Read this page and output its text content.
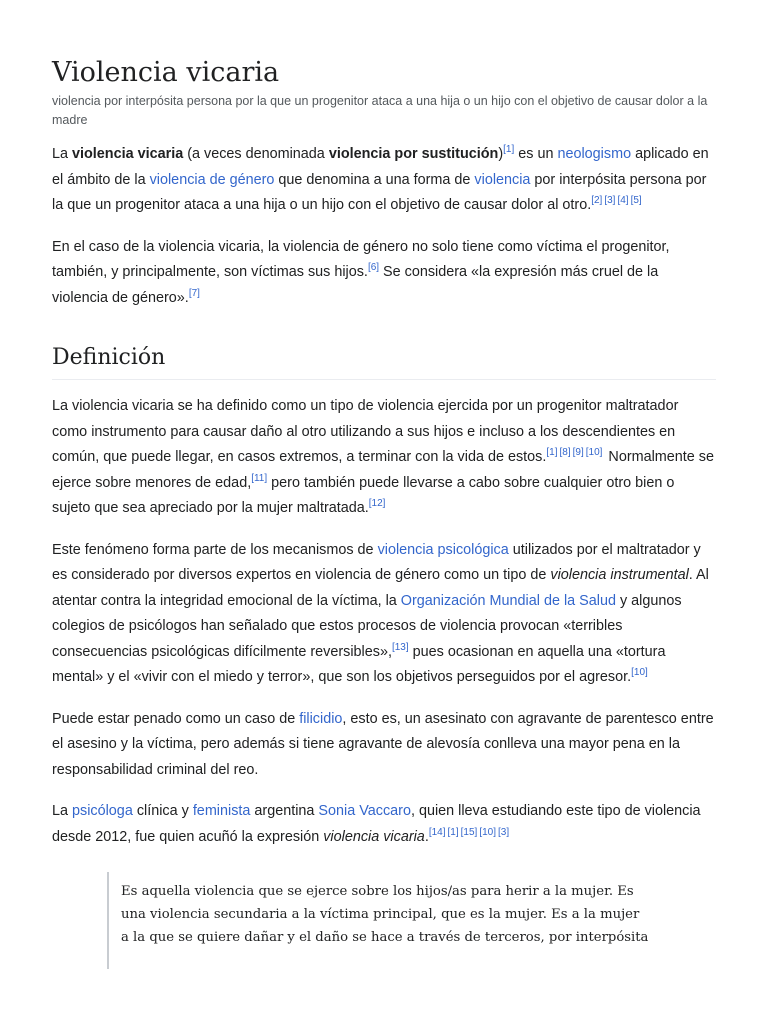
Violencia vicaria
violencia por interpósita persona por la que un progenitor ataca a una hija o un hijo con el objetivo de causar dolor a la madre

La violencia vicaria (a veces denominada violencia por sustitución)[1] es un neologismo aplicado en el ámbito de la violencia de género que denomina a una forma de violencia por interpósita persona por la que un progenitor ataca a una hija o un hijo con el objetivo de causar dolor al otro.[2] [3] [4] [5]

En el caso de la violencia vicaria, la violencia de género no solo tiene como víctima el progenitor, también, y principalmente, son víctimas sus hijos.[6] Se considera «la expresión más cruel de la violencia de género».[7]

Definición

La violencia vicaria se ha definido como un tipo de violencia ejercida por un progenitor maltratador como instrumento para causar daño al otro utilizando a sus hijos e incluso a los descendientes en común, que puede llegar, en casos extremos, a terminar con la vida de estos.[1] [8] [9] [10] Normalmente se ejerce sobre menores de edad,[11] pero también puede llevarse a cabo sobre cualquier otro bien o sujeto que sea apreciado por la mujer maltratada.[12]

Este fenómeno forma parte de los mecanismos de violencia psicológica utilizados por el maltratador y es considerado por diversos expertos en violencia de género como un tipo de violencia instrumental. Al atentar contra la integridad emocional de la víctima, la Organización Mundial de la Salud y algunos colegios de psicólogos han señalado que estos procesos de violencia provocan «terribles consecuencias psicológicas difícilmente reversibles»,[13] pues ocasionan en aquella una «tortura mental» y el «vivir con el miedo y terror», que son los objetivos perseguidos por el agresor.[10]

Puede estar penado como un caso de filicidio, esto es, un asesinato con agravante de parentesco entre el asesino y la víctima, pero además si tiene agravante de alevosía conlleva una mayor pena en la responsabilidad criminal del reo.

La psicóloga clínica y feminista argentina Sonia Vaccaro, quien lleva estudiando este tipo de violencia desde 2012, fue quien acuñó la expresión violencia vicaria.[14] [1] [15] [10] [3]

Es aquella violencia que se ejerce sobre los hijos/as para herir a la mujer. Es una violencia secundaria a la víctima principal, que es la mujer. Es a la mujer a la que se quiere dañar y el daño se hace a través de terceros, por interpósita
